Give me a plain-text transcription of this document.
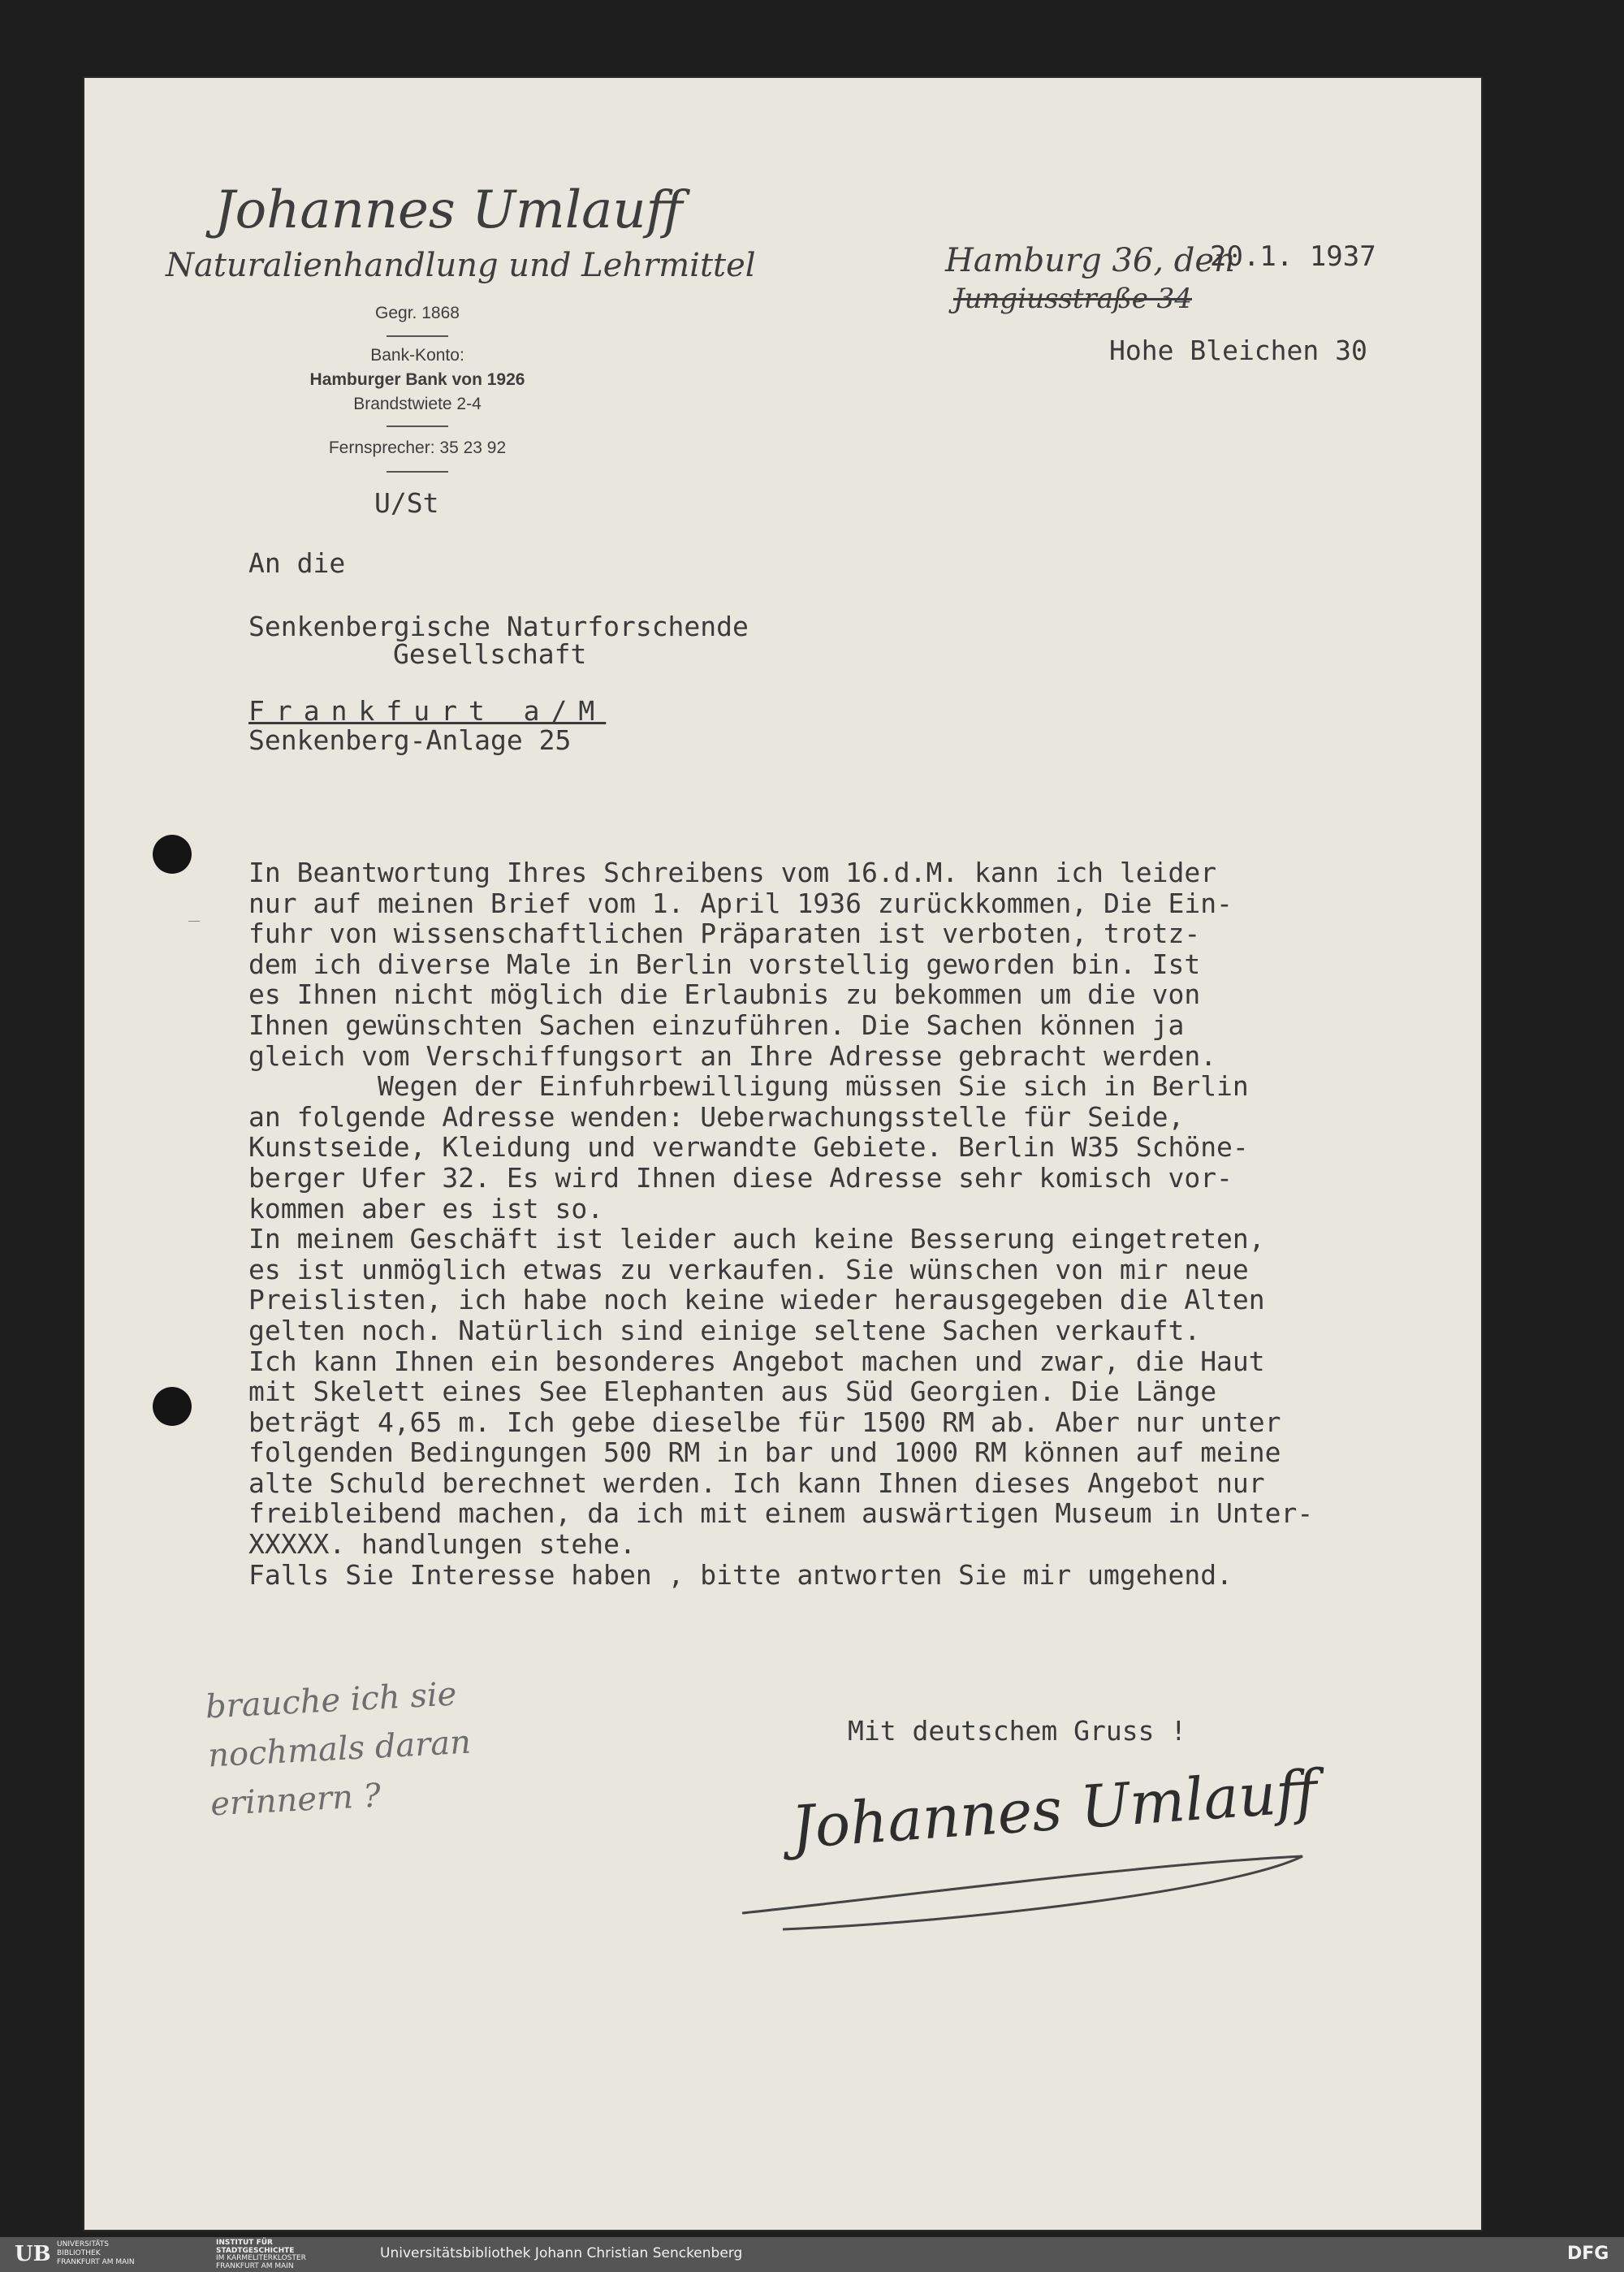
Johannes Umlauff
Naturalienhandlung und Lehrmittel
Gegr. 1868
Bank-Konto:
Hamburger Bank von 1926
Brandstwiete 2-4
Fernsprecher: 35 23 92
Hamburg 36, den
20.1. 1937
Jungiusstraße 34
Hohe Bleichen 30
U/St
An die
Senkenbergische Naturforschende
Gesellschaft
Frankfurt a/M
Senkenberg-Anlage 25
In Beantwortung Ihres Schreibens vom 16.d.M. kann ich leider
nur auf meinen Brief vom 1. April 1936 zurückkommen, Die Ein-
fuhr von wissenschaftlichen Präparaten ist verboten, trotz-
dem ich diverse Male in Berlin vorstellig geworden bin. Ist
es Ihnen nicht möglich die Erlaubnis zu bekommen um die von
Ihnen gewünschten Sachen einzuführen. Die Sachen können ja
gleich vom Verschiffungsort an Ihre Adresse gebracht werden.
Wegen der Einfuhrbewilligung müssen Sie sich in Berlin
an folgende Adresse wenden: Ueberwachungsstelle für Seide,
Kunstseide, Kleidung und verwandte Gebiete. Berlin W35 Schöne-
berger Ufer 32. Es wird Ihnen diese Adresse sehr komisch vor-
kommen aber es ist so.
In meinem Geschäft ist leider auch keine Besserung eingetreten,
es ist unmöglich etwas zu verkaufen. Sie wünschen von mir neue
Preislisten, ich habe noch keine wieder herausgegeben die Alten
gelten noch. Natürlich sind einige seltene Sachen verkauft.
Ich kann Ihnen ein besonderes Angebot machen und zwar, die Haut
mit Skelett eines See Elephanten aus Süd Georgien. Die Länge
beträgt 4,65 m. Ich gebe dieselbe für 1500 RM ab. Aber nur unter
folgenden Bedingungen 500 RM in bar und 1000 RM können auf meine
alte Schuld berechnet werden. Ich kann Ihnen dieses Angebot nur
freibleibend machen, da ich mit einem auswärtigen Museum in Unter-
XXXXX. handlungen stehe.
Falls Sie Interesse haben , bitte antworten Sie mir umgehend.
Mit deutschem Gruss !
Johannes Umlauff
brauche ich sie
nochmals daran
erinnern ?
UB UNIVERSITÄTS
BIBLIOTHEK
FRANKFURT AM MAIN
INSTITUT FÜR
STADTGESCHICHTE
IM KARMELITERKLOSTER
FRANKFURT AM MAIN
Universitätsbibliothek Johann Christian Senckenberg	DFG
